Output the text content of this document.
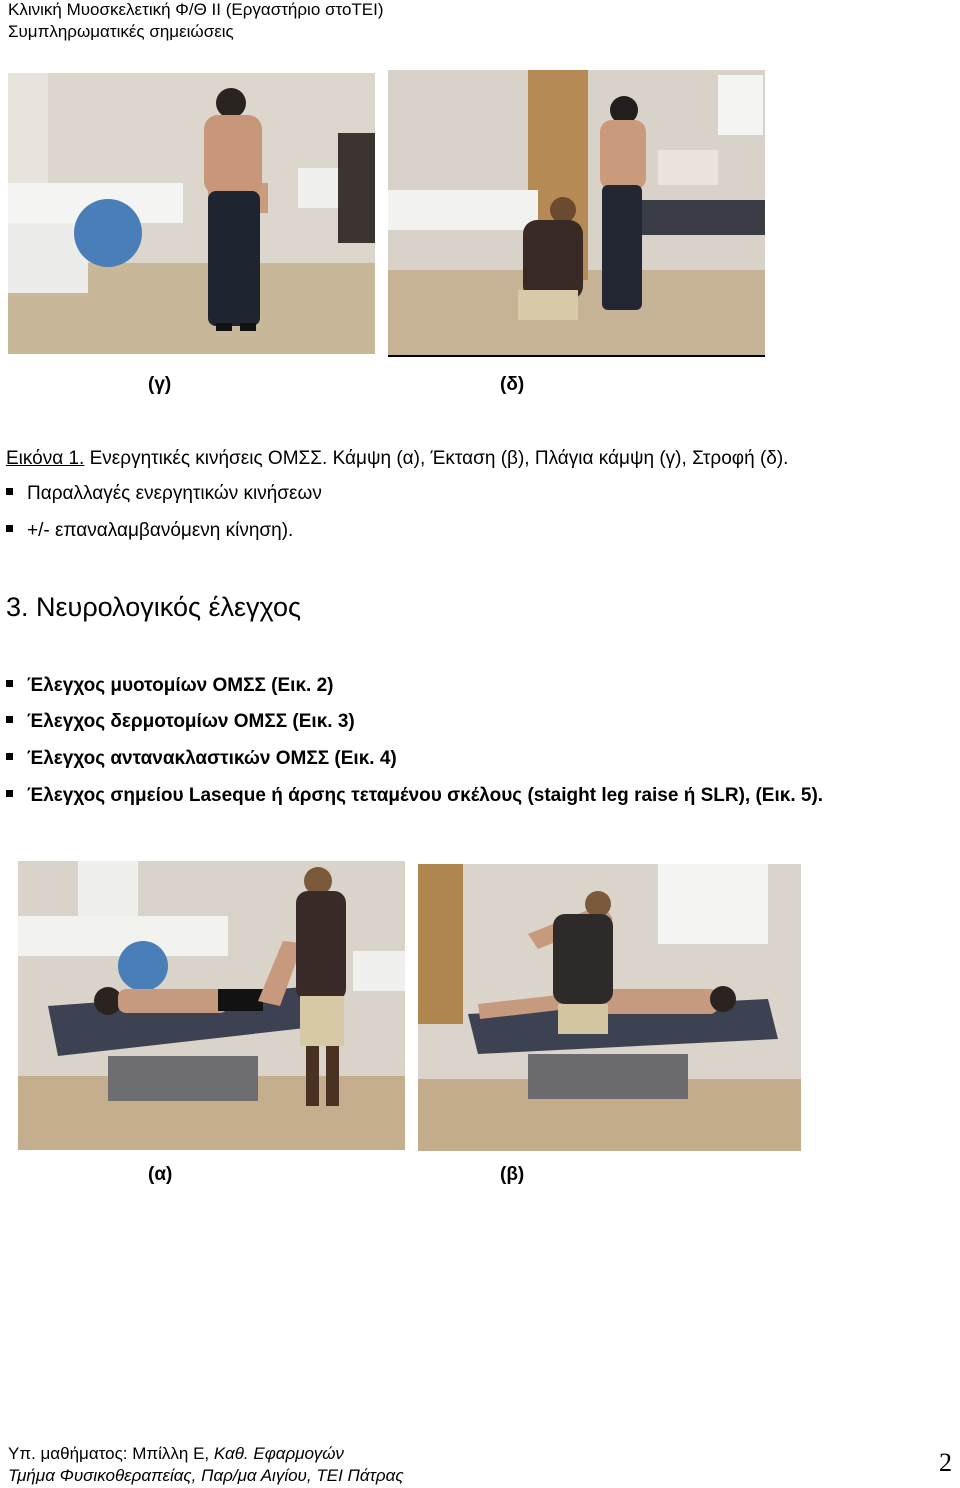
Κλινική Μυοσκελετική Φ/Θ ΙΙ (Εργαστήριο στοΤΕΙ)
Συμπληρωματικές σημειώσεις
(γ)	(δ)
Εικόνα 1. Ενεργητικές κινήσεις ΟΜΣΣ. Κάμψη (α), Έκταση (β), Πλάγια κάμψη (γ), Στροφή (δ).
Παραλλαγές ενεργητικών κινήσεων
+/- επαναλαμβανόμενη κίνηση).
3. Νευρολογικός έλεγχος
Έλεγχος μυοτομίων ΟΜΣΣ (Εικ. 2)
Έλεγχος δερμοτομίων ΟΜΣΣ (Εικ. 3)
Έλεγχος αντανακλαστικών ΟΜΣΣ (Εικ. 4)
Έλεγχος σημείου Laseque ή άρσης τεταμένου σκέλους (staight leg raise ή SLR), (Εικ. 5).
(α)	(β)
Υπ. μαθήματος: Μπίλλη Ε, Καθ. Εφαρμογών
Τμήμα Φυσικοθεραπείας, Παρ/μα Αιγίου, ΤΕΙ Πάτρας	2
